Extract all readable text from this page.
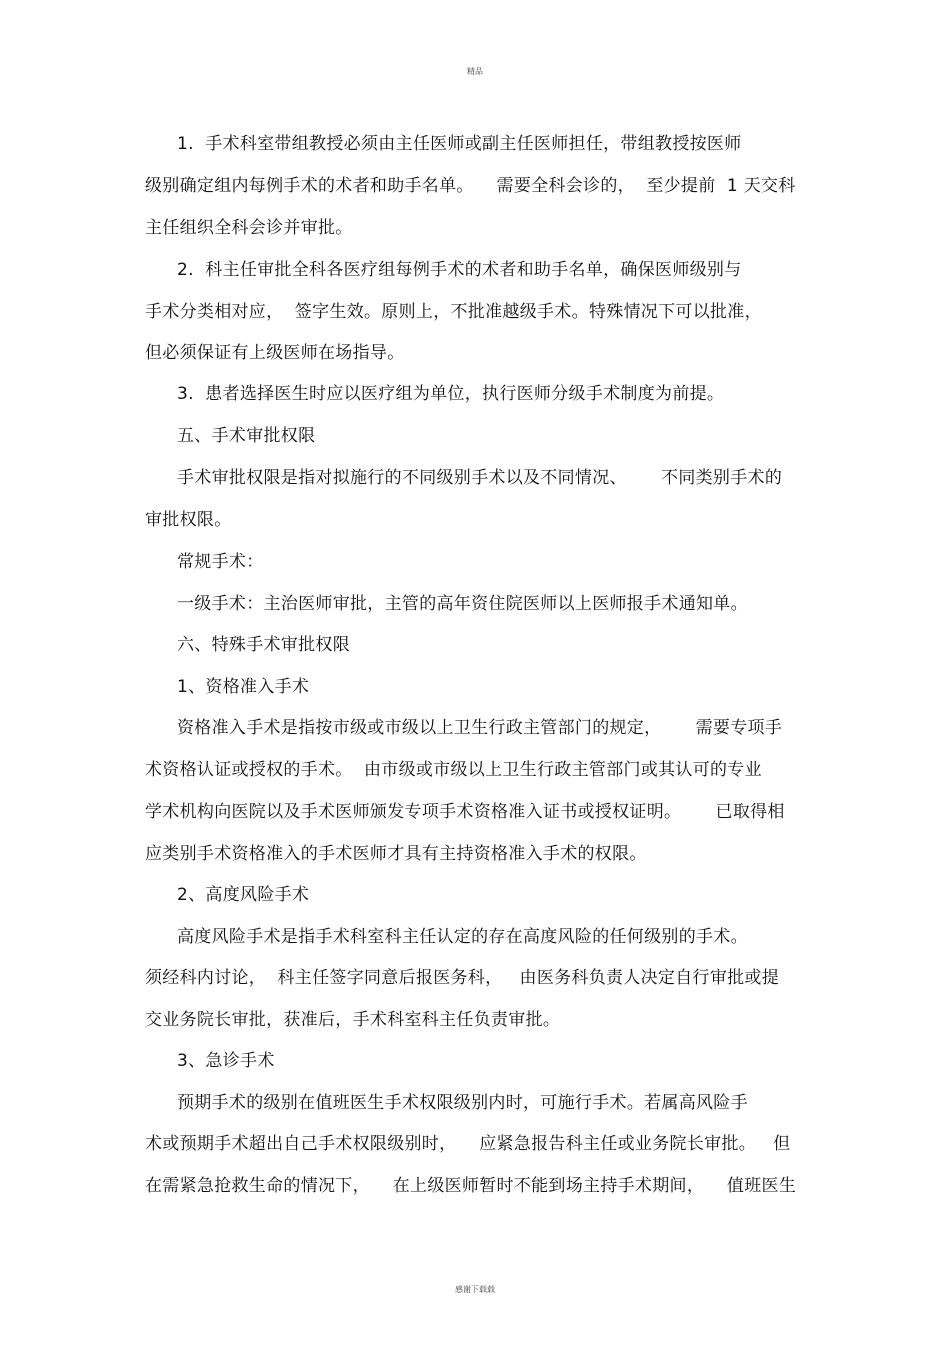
精品
1.  手术科室带组教授必须由主任医师或副主任医师担任，带组教授按医师
级别确定组内每例手术的术者和助手名单。    需要全科会诊的，  至少提前  1 天交科
主任组织全科会诊并审批。
2.  科主任审批全科各医疗组每例手术的术者和助手名单，确保医师级别与
手术分类相对应，  签字生效。原则上，不批准越级手术。特殊情况下可以批准，
但必须保证有上级医师在场指导。
3.  患者选择医生时应以医疗组为单位，执行医师分级手术制度为前提。
五、手术审批权限
手术审批权限是指对拟施行的不同级别手术以及不同情况、      不同类别手术的
审批权限。
常规手术：
一级手术：主治医师审批，主管的高年资住院医师以上医师报手术通知单。
六、特殊手术审批权限
1、资格准入手术
资格准入手术是指按市级或市级以上卫生行政主管部门的规定，      需要专项手
术资格认证或授权的手术。  由市级或市级以上卫生行政主管部门或其认可的专业
学术机构向医院以及手术医师颁发专项手术资格准入证书或授权证明。      已取得相
应类别手术资格准入的手术医师才具有主持资格准入手术的权限。
2、高度风险手术
高度风险手术是指手术科室科主任认定的存在高度风险的任何级别的手术。
须经科内讨论，  科主任签字同意后报医务科，   由医务科负责人决定自行审批或提
交业务院长审批，获准后，手术科室科主任负责审批。
3、急诊手术
预期手术的级别在值班医生手术权限级别内时，可施行手术。若属高风险手
术或预期手术超出自己手术权限级别时，    应紧急报告科主任或业务院长审批。   但
在需紧急抢救生命的情况下，    在上级医师暂时不能到场主持手术期间，    值班医生
感谢下载载
